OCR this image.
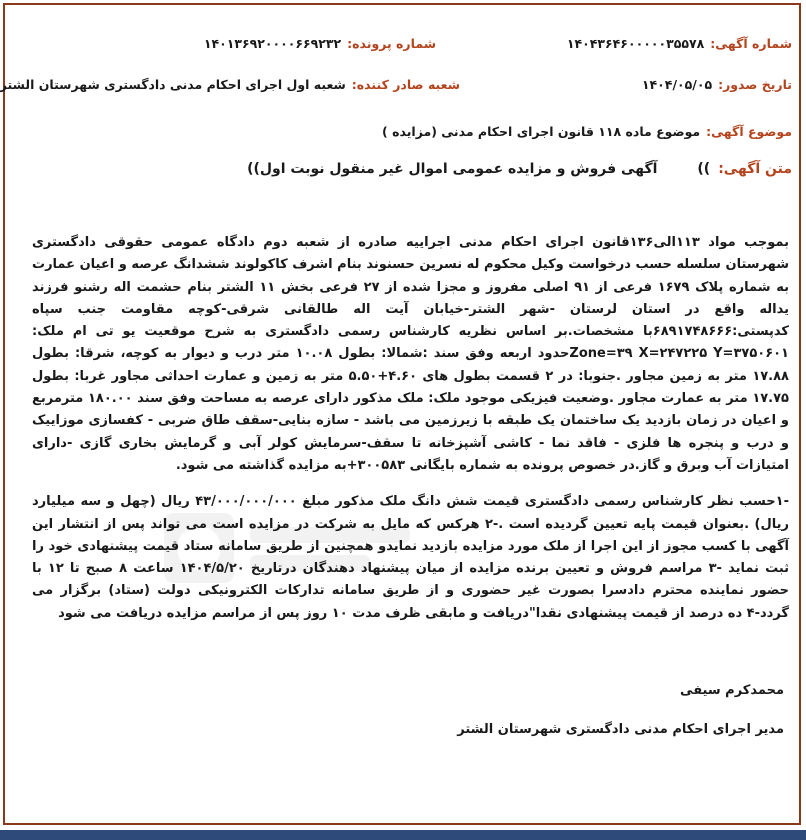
شماره آگهی:۱۴۰۴۳۶۴۶۰۰۰۰۰۳۵۵۷۸
شماره پرونده:۱۴۰۱۳۶۹۲۰۰۰۰۶۶۹۲۳۲
تاریخ صدور:۱۴۰۴/۰۵/۰۵
شعبه صادر کننده:شعبه اول اجرای احکام مدنی دادگستری شهرستان الشتر
موضوع آگهی:موضوع ماده ۱۱۸ قانون اجرای احکام مدنی (مزایده )
متن آگهی:))آگهی فروش و مزایده عمومی اموال غیر منقول نوبت اول))

بموجب مواد ۱۱۳الی۱۳۶قانون اجرای احکام مدنی اجراییه صادره از شعبه دوم دادگاه عمومی حقوقی دادگستری شهرستان سلسله حسب درخواست وکیل محکوم له نسرین حسنوند بنام اشرف کاکولوند ششدانگ عرصه و اعیان عمارت به شماره پلاک ۱۶۷۹ فرعی از ۹۱ اصلی مفروز و مجزا شده از ۲۷ فرعی بخش ۱۱ الشتر بنام حشمت اله رشنو فرزند یداله واقع در استان لرستان -شهر الشتر-خیابان آیت اله طالقانی شرقی-کوچه مقاومت جنب سپاه کدپستی:۶۸۹۱۷۴۸۶۶۶با مشخصات.بر اساس نظریه کارشناس رسمی دادگستری به شرح موقعیت یو تی ام ملک: Zone=۳۹ X=۲۴۷۲۲۵ Y=۳۷۵۰۶۰۱حدود اربعه وفق سند :شمالا: بطول ۱۰.۰۸ متر درب و دیوار به کوچه، شرقا: بطول ۱۷.۸۸ متر به زمین مجاور .جنوبا: در ۲ قسمت بطول های ۴.۶۰+۵.۵۰ متر به زمین و عمارت احداثی مجاور غربا: بطول ۱۷.۷۵ متر به عمارت مجاور .وضعیت فیزیکی موجود ملک: ملک مذکور دارای عرصه به مساحت وفق سند ۱۸۰.۰۰ مترمربع و اعیان در زمان بازدید یک ساختمان یک طبقه با زیرزمین می باشد - سازه بنایی-سقف طاق ضربی - کفسازی موزاییک و درب و پنجره ها فلزی - فاقد نما - کاشی آشپزخانه تا سقف-سرمایش کولر آبی و گرمایش بخاری گازی -دارای امتیازات آب وبرق و گاز.در خصوص پرونده به شماره بایگانی ۳۰۰۵۸۳+به مزایده گذاشته می شود.

-۱حسب نظر کارشناس رسمی دادگستری قیمت شش دانگ ملک مذکور مبلغ ۴۳/۰۰۰/۰۰۰/۰۰۰ ریال (چهل و سه میلیارد ریال) .بعنوان قیمت پایه تعیین گردیده است .-۲ هرکس که مایل به شرکت در مزایده است می تواند پس از انتشار این آگهی با کسب مجوز از این اجرا از ملک مورد مزایده بازدید نمایدو همچنین از طریق سامانه ستاد قیمت پیشنهادی خود را ثبت نماید -۳ مراسم فروش و تعیین برنده مزایده از میان پیشنهاد دهندگان درتاریخ ۱۴۰۴/۵/۲۰ ساعت ۸ صبح تا ۱۲ با حضور نماینده محترم دادسرا بصورت غیر حضوری و از طریق سامانه تدارکات الکترونیکی دولت (ستاد) برگزار می گردد-۴ ده درصد از قیمت پیشنهادی نقدا"دریافت و مابقی ظرف مدت ۱۰ روز پس از مراسم مزایده دریافت می شود

محمدکرم سیفی
مدیر اجرای احکام مدنی دادگستری شهرستان الشتر
